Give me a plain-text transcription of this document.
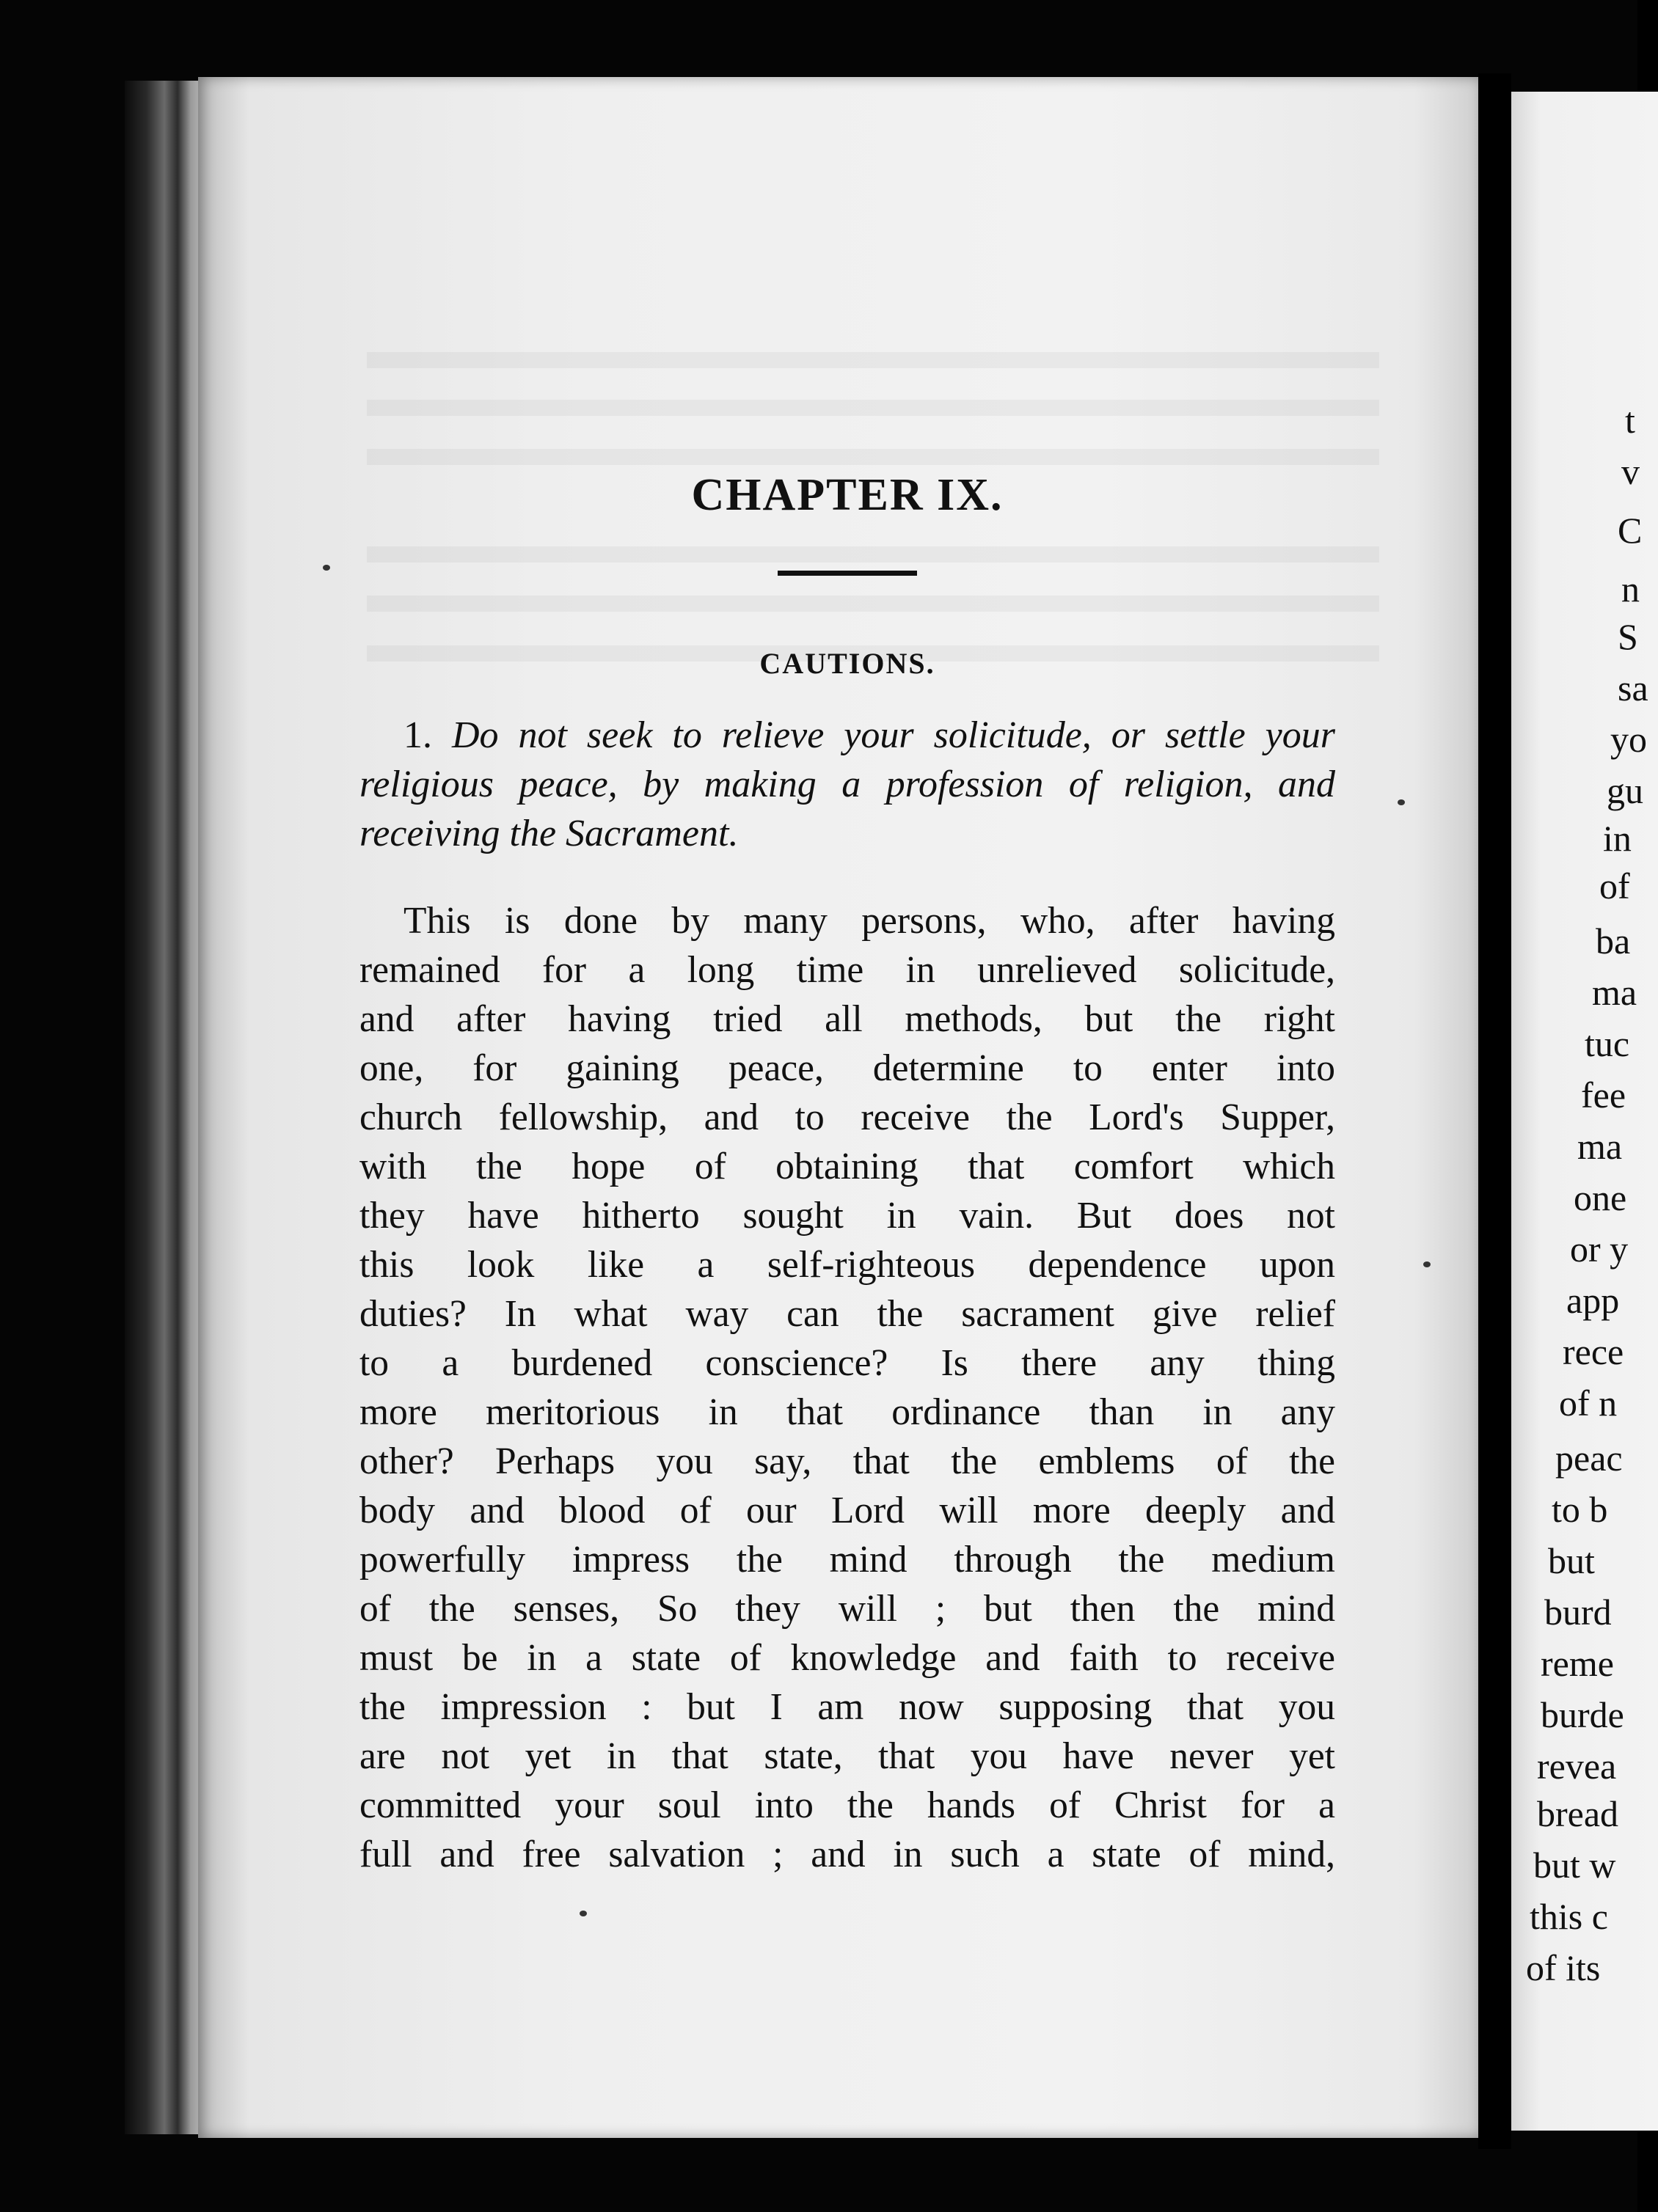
CHAPTER IX.
CAUTIONS.

1. Do not seek to relieve your solicitude, or settle your religious peace, by making a profession of religion, and receiving the Sacrament.

This is done by many persons, who, after having
remained for a long time in unrelieved solicitude,
and after having tried all methods, but the right
one, for gaining peace, determine to enter into
church fellowship, and to receive the Lord's Supper,
with the hope of obtaining that comfort which
they have hitherto sought in vain. But does not
this look like a self-righteous dependence upon
duties? In what way can the sacrament give relief
to a burdened conscience? Is there any thing
more meritorious in that ordinance than in any
other? Perhaps you say, that the emblems of the
body and blood of our Lord will more deeply and
powerfully impress the mind through the medium
of the senses, So they will ; but then the mind
must be in a state of knowledge and faith to receive
the impression : but I am now supposing that you
are not yet in that state, that you have never yet
committed your soul into the hands of Christ for a
full and free salvation ; and in such a state of mind,
t
v
C
n
S
sa
yo
gu
in
of
ba
ma
tuc
fee
ma
one
or y
app
rece
of n
peac
to b
but
burd
reme
burde
revea
bread
but w
this c
of its
